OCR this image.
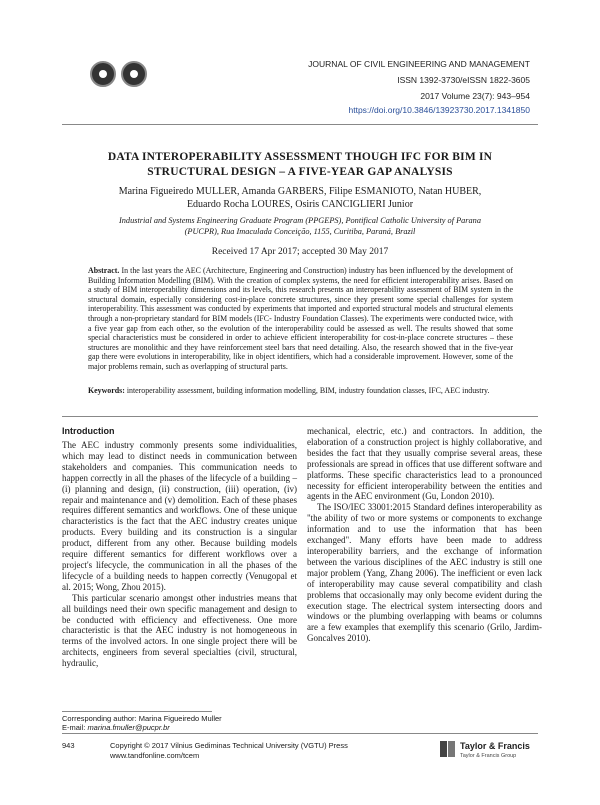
JOURNAL OF CIVIL ENGINEERING AND MANAGEMENT
ISSN 1392-3730/eISSN 1822-3605
2017 Volume 23(7): 943–954
https://doi.org/10.3846/13923730.2017.1341850
DATA INTEROPERABILITY ASSESSMENT THOUGH IFC FOR BIM IN
STRUCTURAL DESIGN – A FIVE-YEAR GAP ANALYSIS
Marina Figueiredo MULLER, Amanda GARBERS, Filipe ESMANIOTO, Natan HUBER,
Eduardo Rocha LOURES, Osiris CANCIGLIERI Junior
Industrial and Systems Engineering Graduate Program (PPGEPS), Pontifical Catholic University of Parana
(PUCPR), Rua Imaculada Conceição, 1155, Curitiba, Paraná, Brazil
Received 17 Apr 2017; accepted 30 May 2017
Abstract. In the last years the AEC (Architecture, Engineering and Construction) industry has been influenced by the development of Building Information Modelling (BIM). With the creation of complex systems, the need for efficient interoperability arises. Based on a study of BIM interoperability dimensions and its levels, this research presents an interoperability assessment of BIM system in the structural domain, especially considering cost-in-place concrete structures, since they present some special challenges for system interoperability. This assessment was conducted by experiments that imported and exported structural models and structural elements through a non-proprietary standard for BIM models (IFC- Industry Foundation Classes). The experiments were conducted twice, with a five year gap from each other, so the evolution of the interoperability could be assessed as well. The results showed that some special characteristics must be considered in order to achieve efficient interoperability for cost-in-place concrete structures – these structures are monolithic and they have reinforcement steel bars that need detailing. Also, the research showed that in the five-year gap there were evolutions in interoperability, like in object identifiers, which had a considerable improvement. However, some of the major problems remain, such as overlapping of structural parts.
Keywords: interoperability assessment, building information modelling, BIM, industry foundation classes, IFC, AEC industry.
Introduction

The AEC industry commonly presents some individualities, which may lead to distinct needs in communication between stakeholders and companies. This communication needs to happen correctly in all the phases of the lifecycle of a building – (i) planning and design, (ii) construction, (iii) operation, (iv) repair and maintenance and (v) demolition. Each of these phases requires different semantics and workflows. One of these unique characteristics is the fact that the AEC industry creates unique products. Every building and its construction is a singular product, different from any other. Because building models require different semantics for different workflows over a project's lifecycle, the communication in all the phases of the lifecycle of a building needs to happen correctly (Venugopal et al. 2015; Wong, Zhou 2015).

This particular scenario amongst other industries means that all buildings need their own specific management and design to be conducted with efficiency and effectiveness. One more characteristic is that the AEC industry is not homogeneous in terms of the involved actors. In one single project there will be architects, engineers from several specialties (civil, structural, hydraulic,

mechanical, electric, etc.) and contractors. In addition, the elaboration of a construction project is highly collaborative, and besides the fact that they usually comprise several areas, these professionals are spread in offices that use different software and platforms. These specific characteristics lead to a pronounced necessity for efficient interoperability between the entities and agents in the AEC environment (Gu, London 2010).

The ISO/IEC 33001:2015 Standard defines interoperability as "the ability of two or more systems or components to exchange information and to use the information that has been exchanged". Many efforts have been made to address interoperability barriers, and the exchange of information between the various disciplines of the AEC industry is still one major problem (Yang, Zhang 2006). The inefficient or even lack of interoperability may cause several compatibility and clash problems that occasionally may only become evident during the execution stage. The electrical system intersecting doors and windows or the plumbing overlapping with beams or columns are a few examples that exemplify this scenario (Grilo, Jardim-Goncalves 2010).

Corresponding author: Marina Figueiredo Muller
E-mail: marina.fmuller@pucpr.br
943	Copyright © 2017 Vilnius Gediminas Technical University (VGTU) Press
www.tandfonline.com/tcem
Taylor & Francis
Taylor & Francis Group
